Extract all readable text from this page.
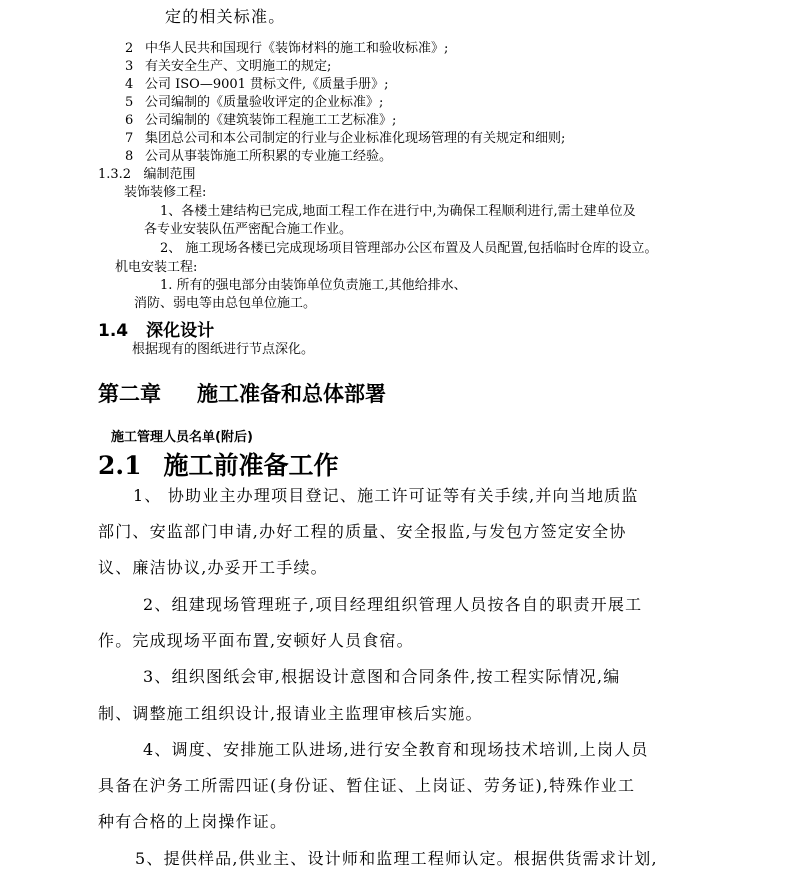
定的相关标准。
2 中华人民共和国现行《装饰材料的施工和验收标准》;
3 有关安全生产、文明施工的规定;
4 公司 ISO—9001 贯标文件,《质量手册》;
5 公司编制的《质量验收评定的企业标准》;
6 公司编制的《建筑装饰工程施工工艺标准》;
7 集团总公司和本公司制定的行业与企业标准化现场管理的有关规定和细则;
8 公司从事装饰施工所积累的专业施工经验。
1.3.2 编制范围
装饰装修工程:
1、各楼土建结构已完成,地面工程工作在进行中,为确保工程顺利进行,需土建单位及
各专业安装队伍严密配合施工作业。
2、 施工现场各楼已完成现场项目管理部办公区布置及人员配置,包括临时仓库的设立。
机电安装工程:
1. 所有的强电部分由装饰单位负责施工,其他给排水、
消防、弱电等由总包单位施工。
1.4 深化设计
根据现有的图纸进行节点深化。
第二章 施工准备和总体部署
施工管理人员名单(附后)
2.1 施工前准备工作
1、 协助业主办理项目登记、施工许可证等有关手续,并向当地质监
部门、安监部门申请,办好工程的质量、安全报监,与发包方签定安全协
议、廉洁协议,办妥开工手续。
2、组建现场管理班子,项目经理组织管理人员按各自的职责开展工
作。完成现场平面布置,安顿好人员食宿。
3、组织图纸会审,根据设计意图和合同条件,按工程实际情况,编
制、调整施工组织设计,报请业主监理审核后实施。
4、调度、安排施工队进场,进行安全教育和现场技术培训,上岗人员
具备在沪务工所需四证(身份证、暂住证、上岗证、劳务证),特殊作业工
种有合格的上岗操作证。
5、提供样品,供业主、设计师和监理工程师认定。根据供货需求计划,
